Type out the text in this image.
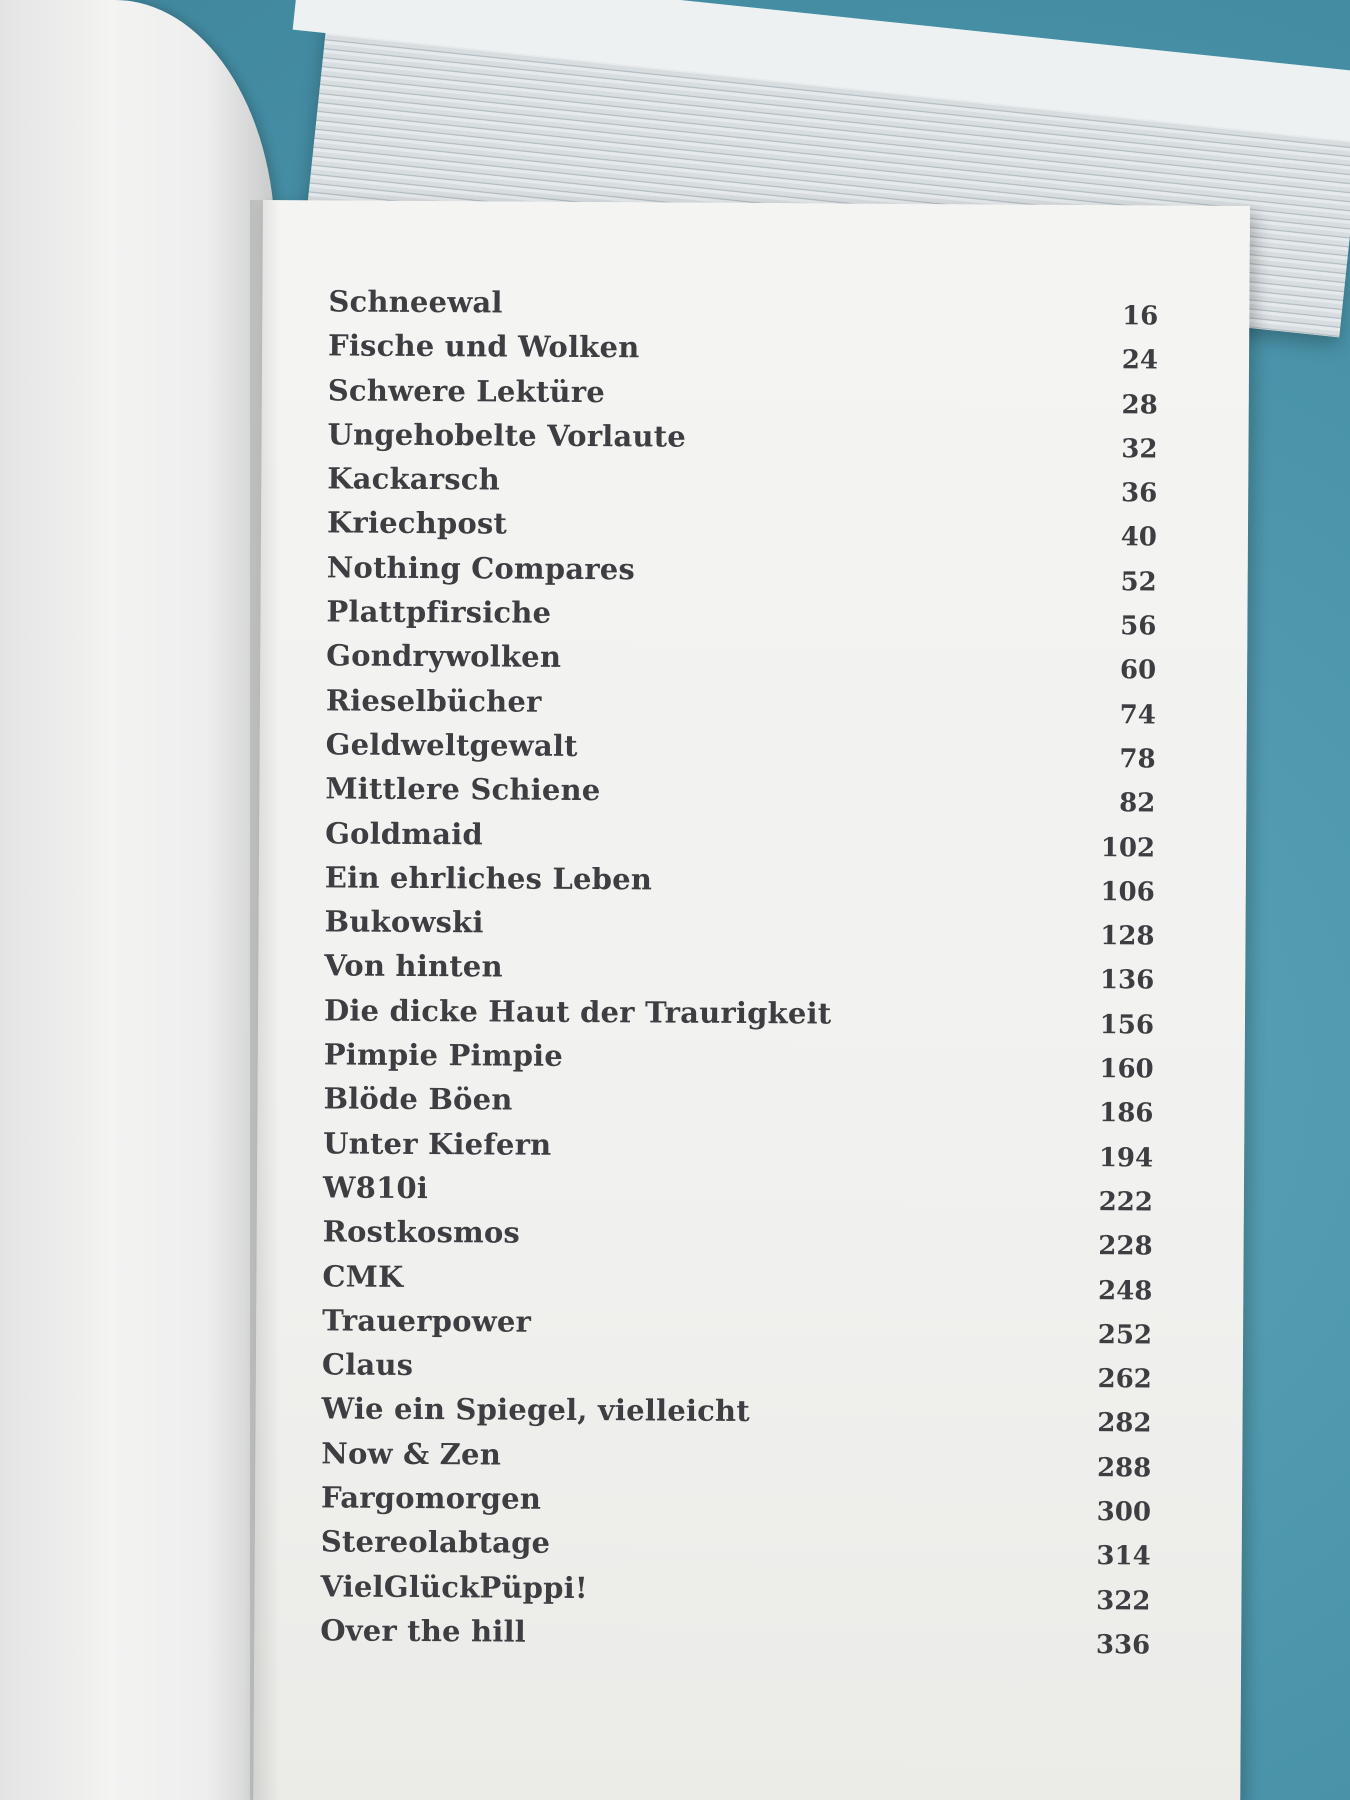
Schneewal	16
Fische und Wolken	24
Schwere Lektüre	28
Ungehobelte Vorlaute	32
Kackarsch	36
Kriechpost	40
Nothing Compares	52
Plattpfirsiche	56
Gondrywolken	60
Rieselbücher	74
Geldweltgewalt	78
Mittlere Schiene	82
Goldmaid	102
Ein ehrliches Leben	106
Bukowski	128
Von hinten	136
Die dicke Haut der Traurigkeit	156
Pimpie Pimpie	160
Blöde Böen	186
Unter Kiefern	194
W810i	222
Rostkosmos	228
CMK	248
Trauerpower	252
Claus	262
Wie ein Spiegel, vielleicht	282
Now & Zen	288
Fargomorgen	300
Stereolabtage	314
VielGlückPüppi!	322
Over the hill	336
